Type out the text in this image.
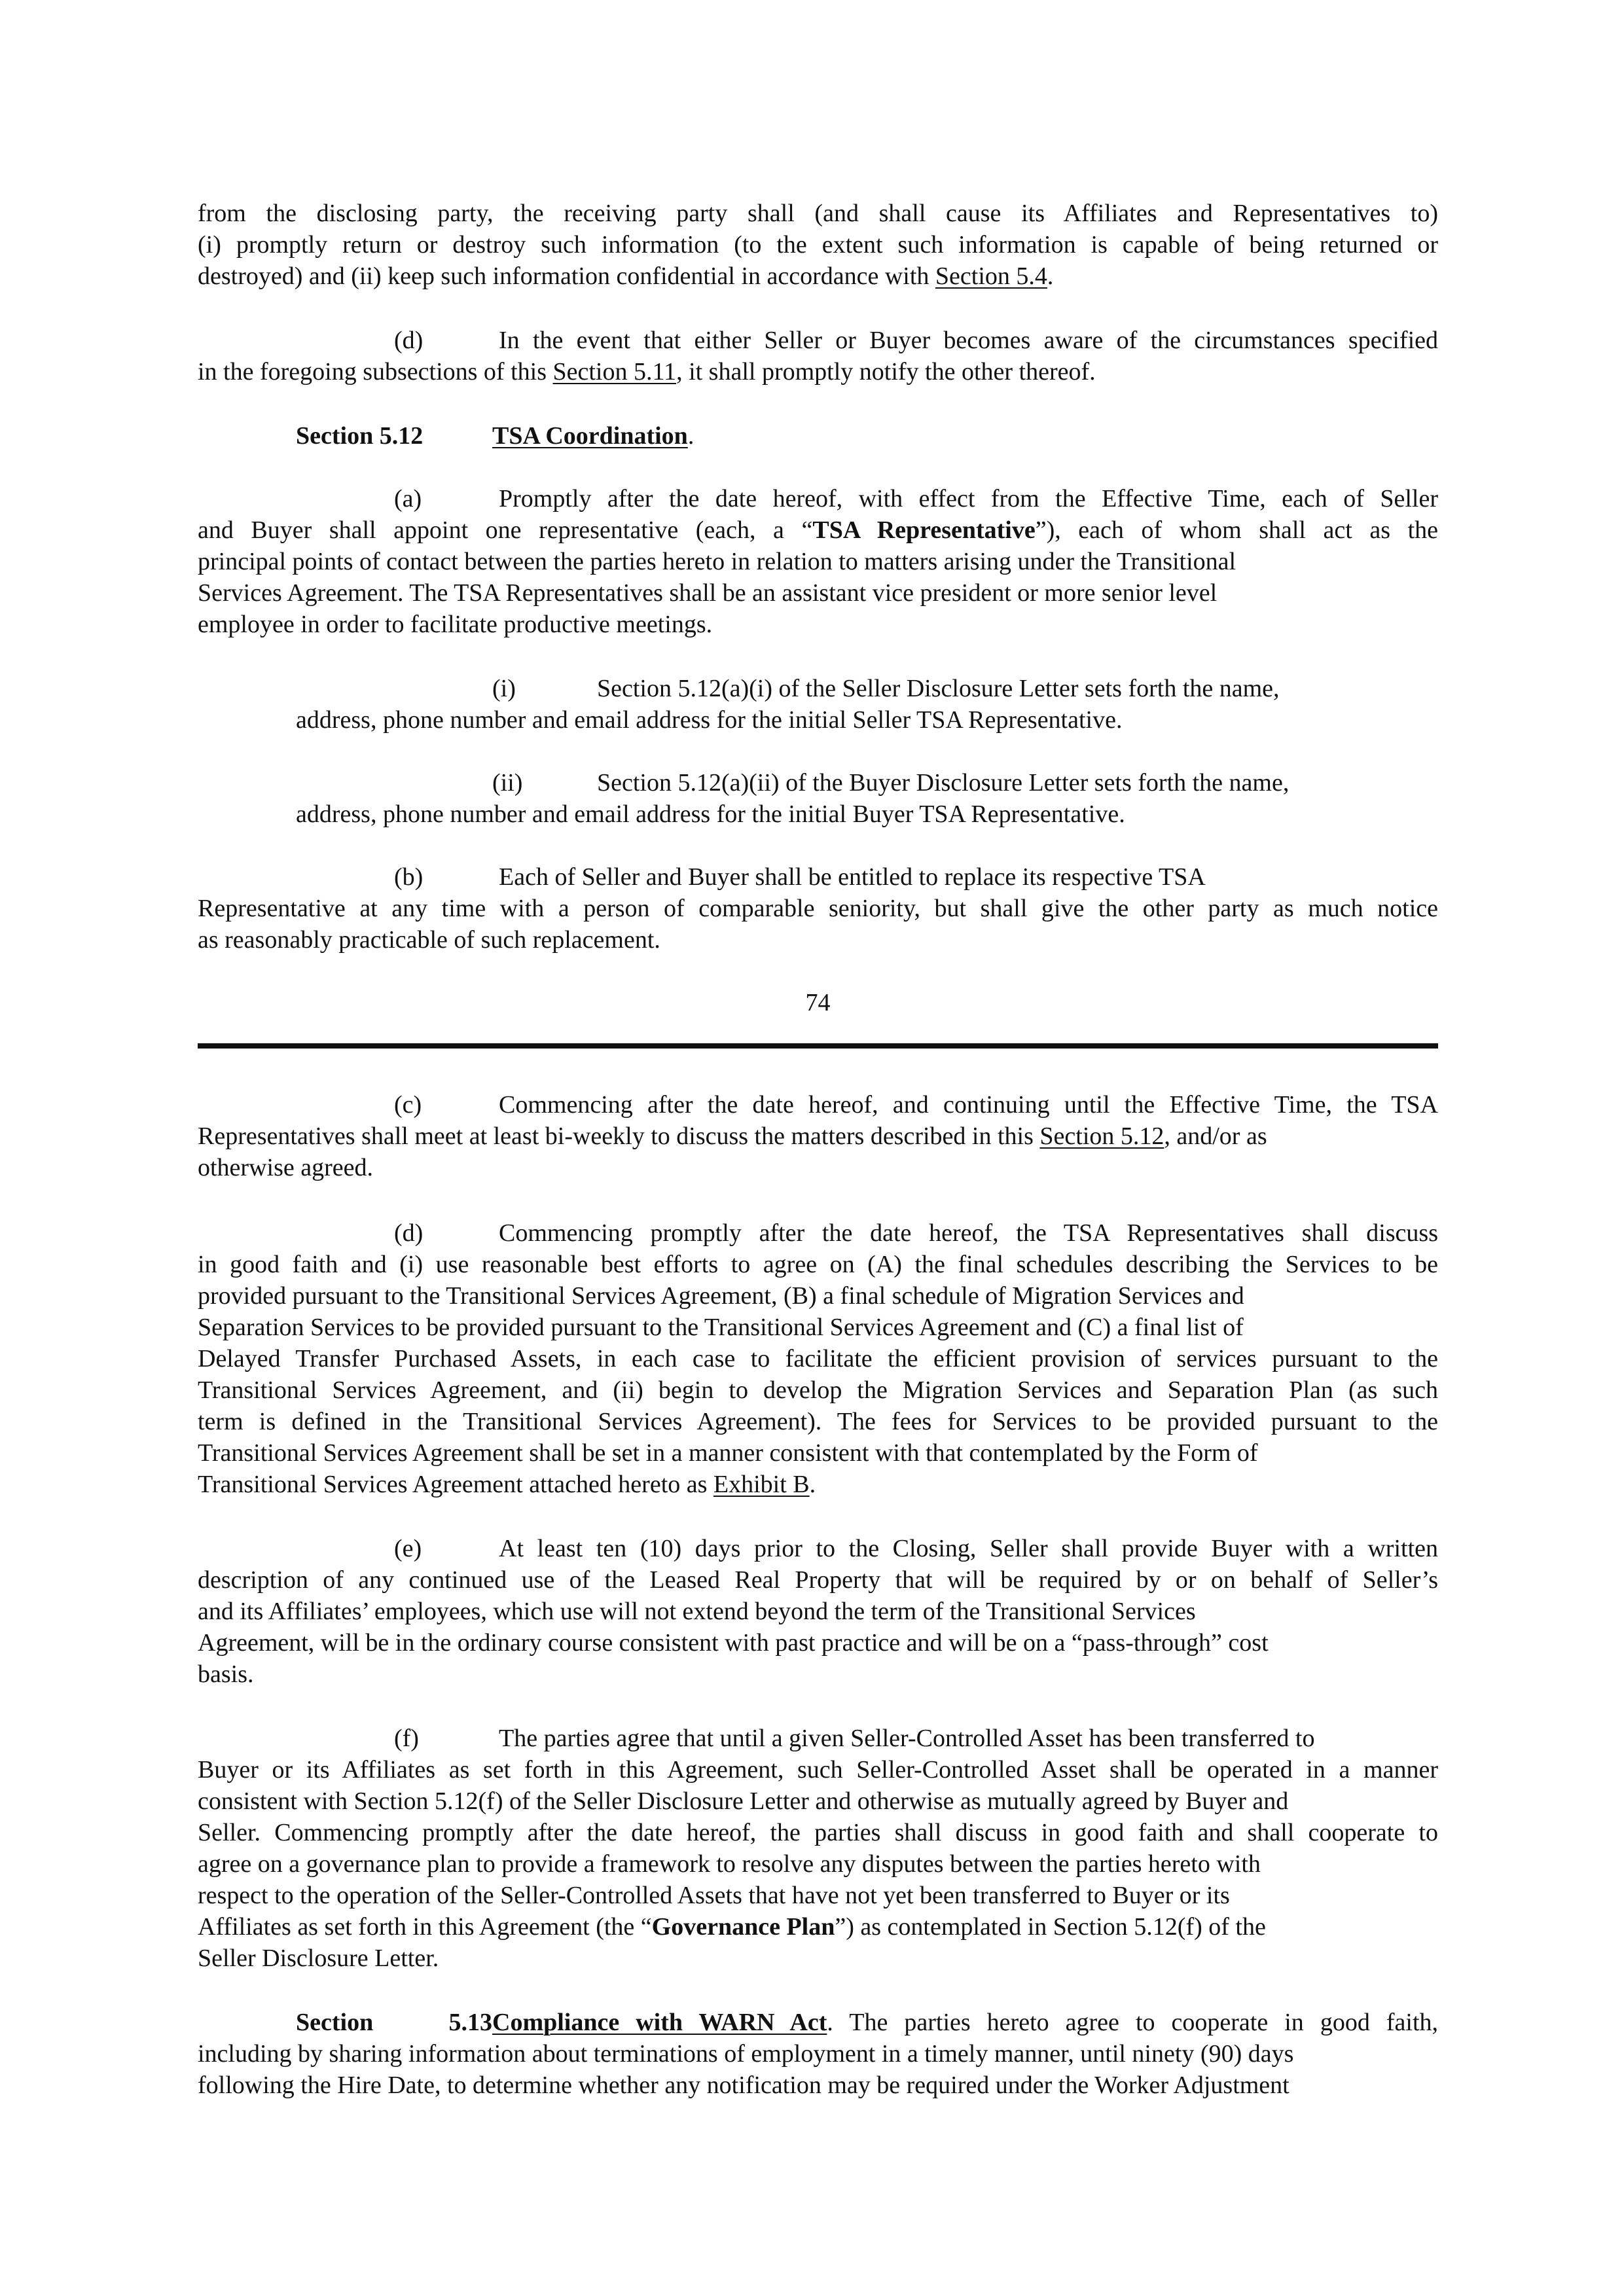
from the disclosing party, the receiving party shall (and shall cause its Affiliates and Representatives to)
(i) promptly return or destroy such information (to the extent such information is capable of being returned or
destroyed) and (ii) keep such information confidential in accordance with Section 5.4.
(d)	In the event that either Seller or Buyer becomes aware of the circumstances specified
in the foregoing subsections of this Section 5.11, it shall promptly notify the other thereof.
Section 5.12	TSA Coordination.
(a)	Promptly after the date hereof, with effect from the Effective Time, each of Seller
and Buyer shall appoint one representative (each, a “TSA Representative”), each of whom shall act as the
principal points of contact between the parties hereto in relation to matters arising under the Transitional
Services Agreement. The TSA Representatives shall be an assistant vice president or more senior level
employee in order to facilitate productive meetings.
(i)	Section 5.12(a)(i) of the Seller Disclosure Letter sets forth the name,
address, phone number and email address for the initial Seller TSA Representative.
(ii)	Section 5.12(a)(ii) of the Buyer Disclosure Letter sets forth the name,
address, phone number and email address for the initial Buyer TSA Representative.
(b)	Each of Seller and Buyer shall be entitled to replace its respective TSA
Representative at any time with a person of comparable seniority, but shall give the other party as much notice
as reasonably practicable of such replacement.
74
(c)	Commencing after the date hereof, and continuing until the Effective Time, the TSA
Representatives shall meet at least bi-weekly to discuss the matters described in this Section 5.12, and/or as
otherwise agreed.
(d)	Commencing promptly after the date hereof, the TSA Representatives shall discuss
in good faith and (i) use reasonable best efforts to agree on (A) the final schedules describing the Services to be
provided pursuant to the Transitional Services Agreement, (B) a final schedule of Migration Services and
Separation Services to be provided pursuant to the Transitional Services Agreement and (C) a final list of
Delayed Transfer Purchased Assets, in each case to facilitate the efficient provision of services pursuant to the
Transitional Services Agreement, and (ii) begin to develop the Migration Services and Separation Plan (as such
term is defined in the Transitional Services Agreement). The fees for Services to be provided pursuant to the
Transitional Services Agreement shall be set in a manner consistent with that contemplated by the Form of
Transitional Services Agreement attached hereto as Exhibit B.
(e)	At least ten (10) days prior to the Closing, Seller shall provide Buyer with a written
description of any continued use of the Leased Real Property that will be required by or on behalf of Seller’s
and its Affiliates’ employees, which use will not extend beyond the term of the Transitional Services
Agreement, will be in the ordinary course consistent with past practice and will be on a “pass-through” cost
basis.
(f)	The parties agree that until a given Seller-Controlled Asset has been transferred to
Buyer or its Affiliates as set forth in this Agreement, such Seller-Controlled Asset shall be operated in a manner
consistent with Section 5.12(f) of the Seller Disclosure Letter and otherwise as mutually agreed by Buyer and
Seller. Commencing promptly after the date hereof, the parties shall discuss in good faith and shall cooperate to
agree on a governance plan to provide a framework to resolve any disputes between the parties hereto with
respect to the operation of the Seller-Controlled Assets that have not yet been transferred to Buyer or its
Affiliates as set forth in this Agreement (the “Governance Plan”) as contemplated in Section 5.12(f) of the
Seller Disclosure Letter.
Section 5.13Compliance with WARN Act. The parties hereto agree to cooperate in good faith,
including by sharing information about terminations of employment in a timely manner, until ninety (90) days
following the Hire Date, to determine whether any notification may be required under the Worker Adjustment
